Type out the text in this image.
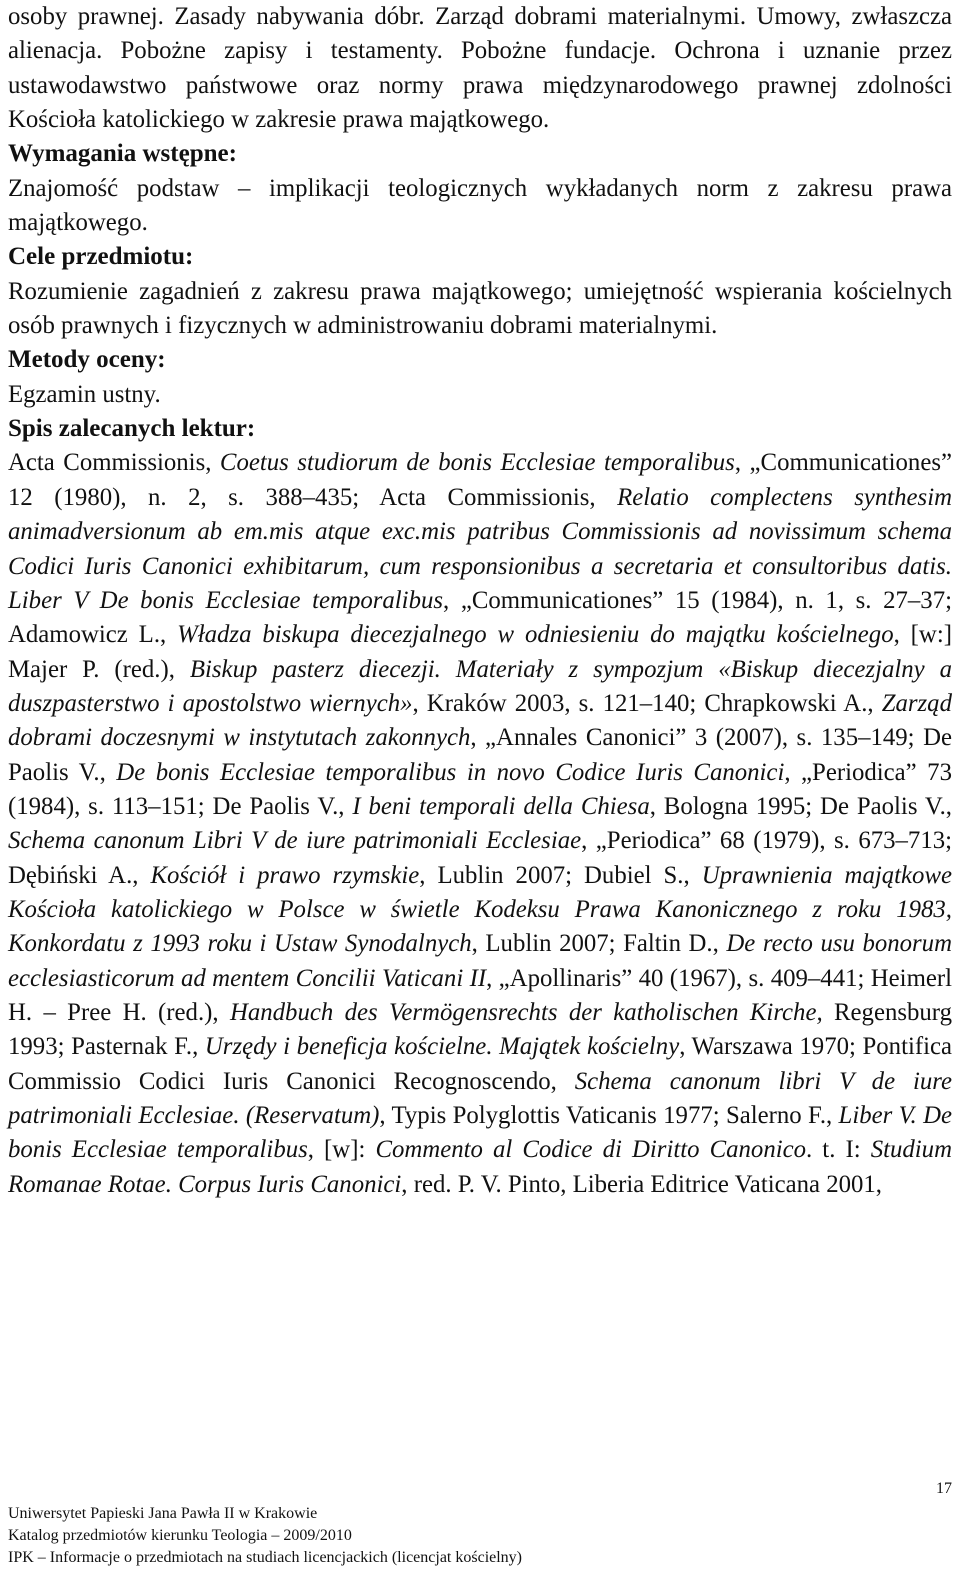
osoby prawnej. Zasady nabywania dóbr. Zarząd dobrami materialnymi. Umowy, zwłaszcza alienacja. Pobożne zapisy i testamenty. Pobożne fundacje. Ochrona i uznanie przez ustawodawstwo państwowe oraz normy prawa międzynarodowego prawnej zdolności Kościoła katolickiego w zakresie prawa majątkowego.

Wymagania wstępne:

Znajomość podstaw – implikacji teologicznych wykładanych norm z zakresu prawa majątkowego.

Cele przedmiotu:

Rozumienie zagadnień z zakresu prawa majątkowego; umiejętność wspierania kościelnych osób prawnych i fizycznych w administrowaniu dobrami materialnymi.

Metody oceny:

Egzamin ustny.

Spis zalecanych lektur:

Acta Commissionis, Coetus studiorum de bonis Ecclesiae temporalibus, „Communicationes” 12 (1980), n. 2, s. 388–435; Acta Commissionis, Relatio complectens synthesim animadversionum ab em.mis atque exc.mis patribus Commissionis ad novissimum schema Codici Iuris Canonici exhibitarum, cum responsionibus a secretaria et consultoribus datis. Liber V De bonis Ecclesiae temporalibus, „Communicationes” 15 (1984), n. 1, s. 27–37; Adamowicz L., Władza biskupa diecezjalnego w odniesieniu do majątku kościelnego, [w:] Majer P. (red.), Biskup pasterz diecezji. Materiały z sympozjum «Biskup diecezjalny a duszpasterstwo i apostolstwo wiernych», Kraków 2003, s. 121–140; Chrapkowski A., Zarząd dobrami doczesnymi w instytutach zakonnych, „Annales Canonici” 3 (2007), s. 135–149; De Paolis V., De bonis Ecclesiae temporalibus in novo Codice Iuris Canonici, „Periodica” 73 (1984), s. 113–151; De Paolis V., I beni temporali della Chiesa, Bologna 1995; De Paolis V., Schema canonum Libri V de iure patrimoniali Ecclesiae, „Periodica” 68 (1979), s. 673–713; Dębiński A., Kościół i prawo rzymskie, Lublin 2007; Dubiel S., Uprawnienia majątkowe Kościoła katolickiego w Polsce w świetle Kodeksu Prawa Kanonicznego z roku 1983, Konkordatu z 1993 roku i Ustaw Synodalnych, Lublin 2007; Faltin D., De recto usu bonorum ecclesiasticorum ad mentem Concilii Vaticani II, „Apollinaris” 40 (1967), s. 409–441; Heimerl H. – Pree H. (red.), Handbuch des Vermögensrechts der katholischen Kirche, Regensburg 1993; Pasternak F., Urzędy i beneficja kościelne. Majątek kościelny, Warszawa 1970; Pontifica Commissio Codici Iuris Canonici Recognoscendo, Schema canonum libri V de iure patrimoniali Ecclesiae. (Reservatum), Typis Polyglottis Vaticanis 1977; Salerno F., Liber V. De bonis Ecclesiae temporalibus, [w]: Commento al Codice di Diritto Canonico. t. I: Studium Romanae Rotae. Corpus Iuris Canonici, red. P. V. Pinto, Liberia Editrice Vaticana 2001,

17
Uniwersytet Papieski Jana Pawła II w Krakowie
Katalog przedmiotów kierunku Teologia – 2009/2010
IPK – Informacje o przedmiotach na studiach licencjackich (licencjat kościelny)
